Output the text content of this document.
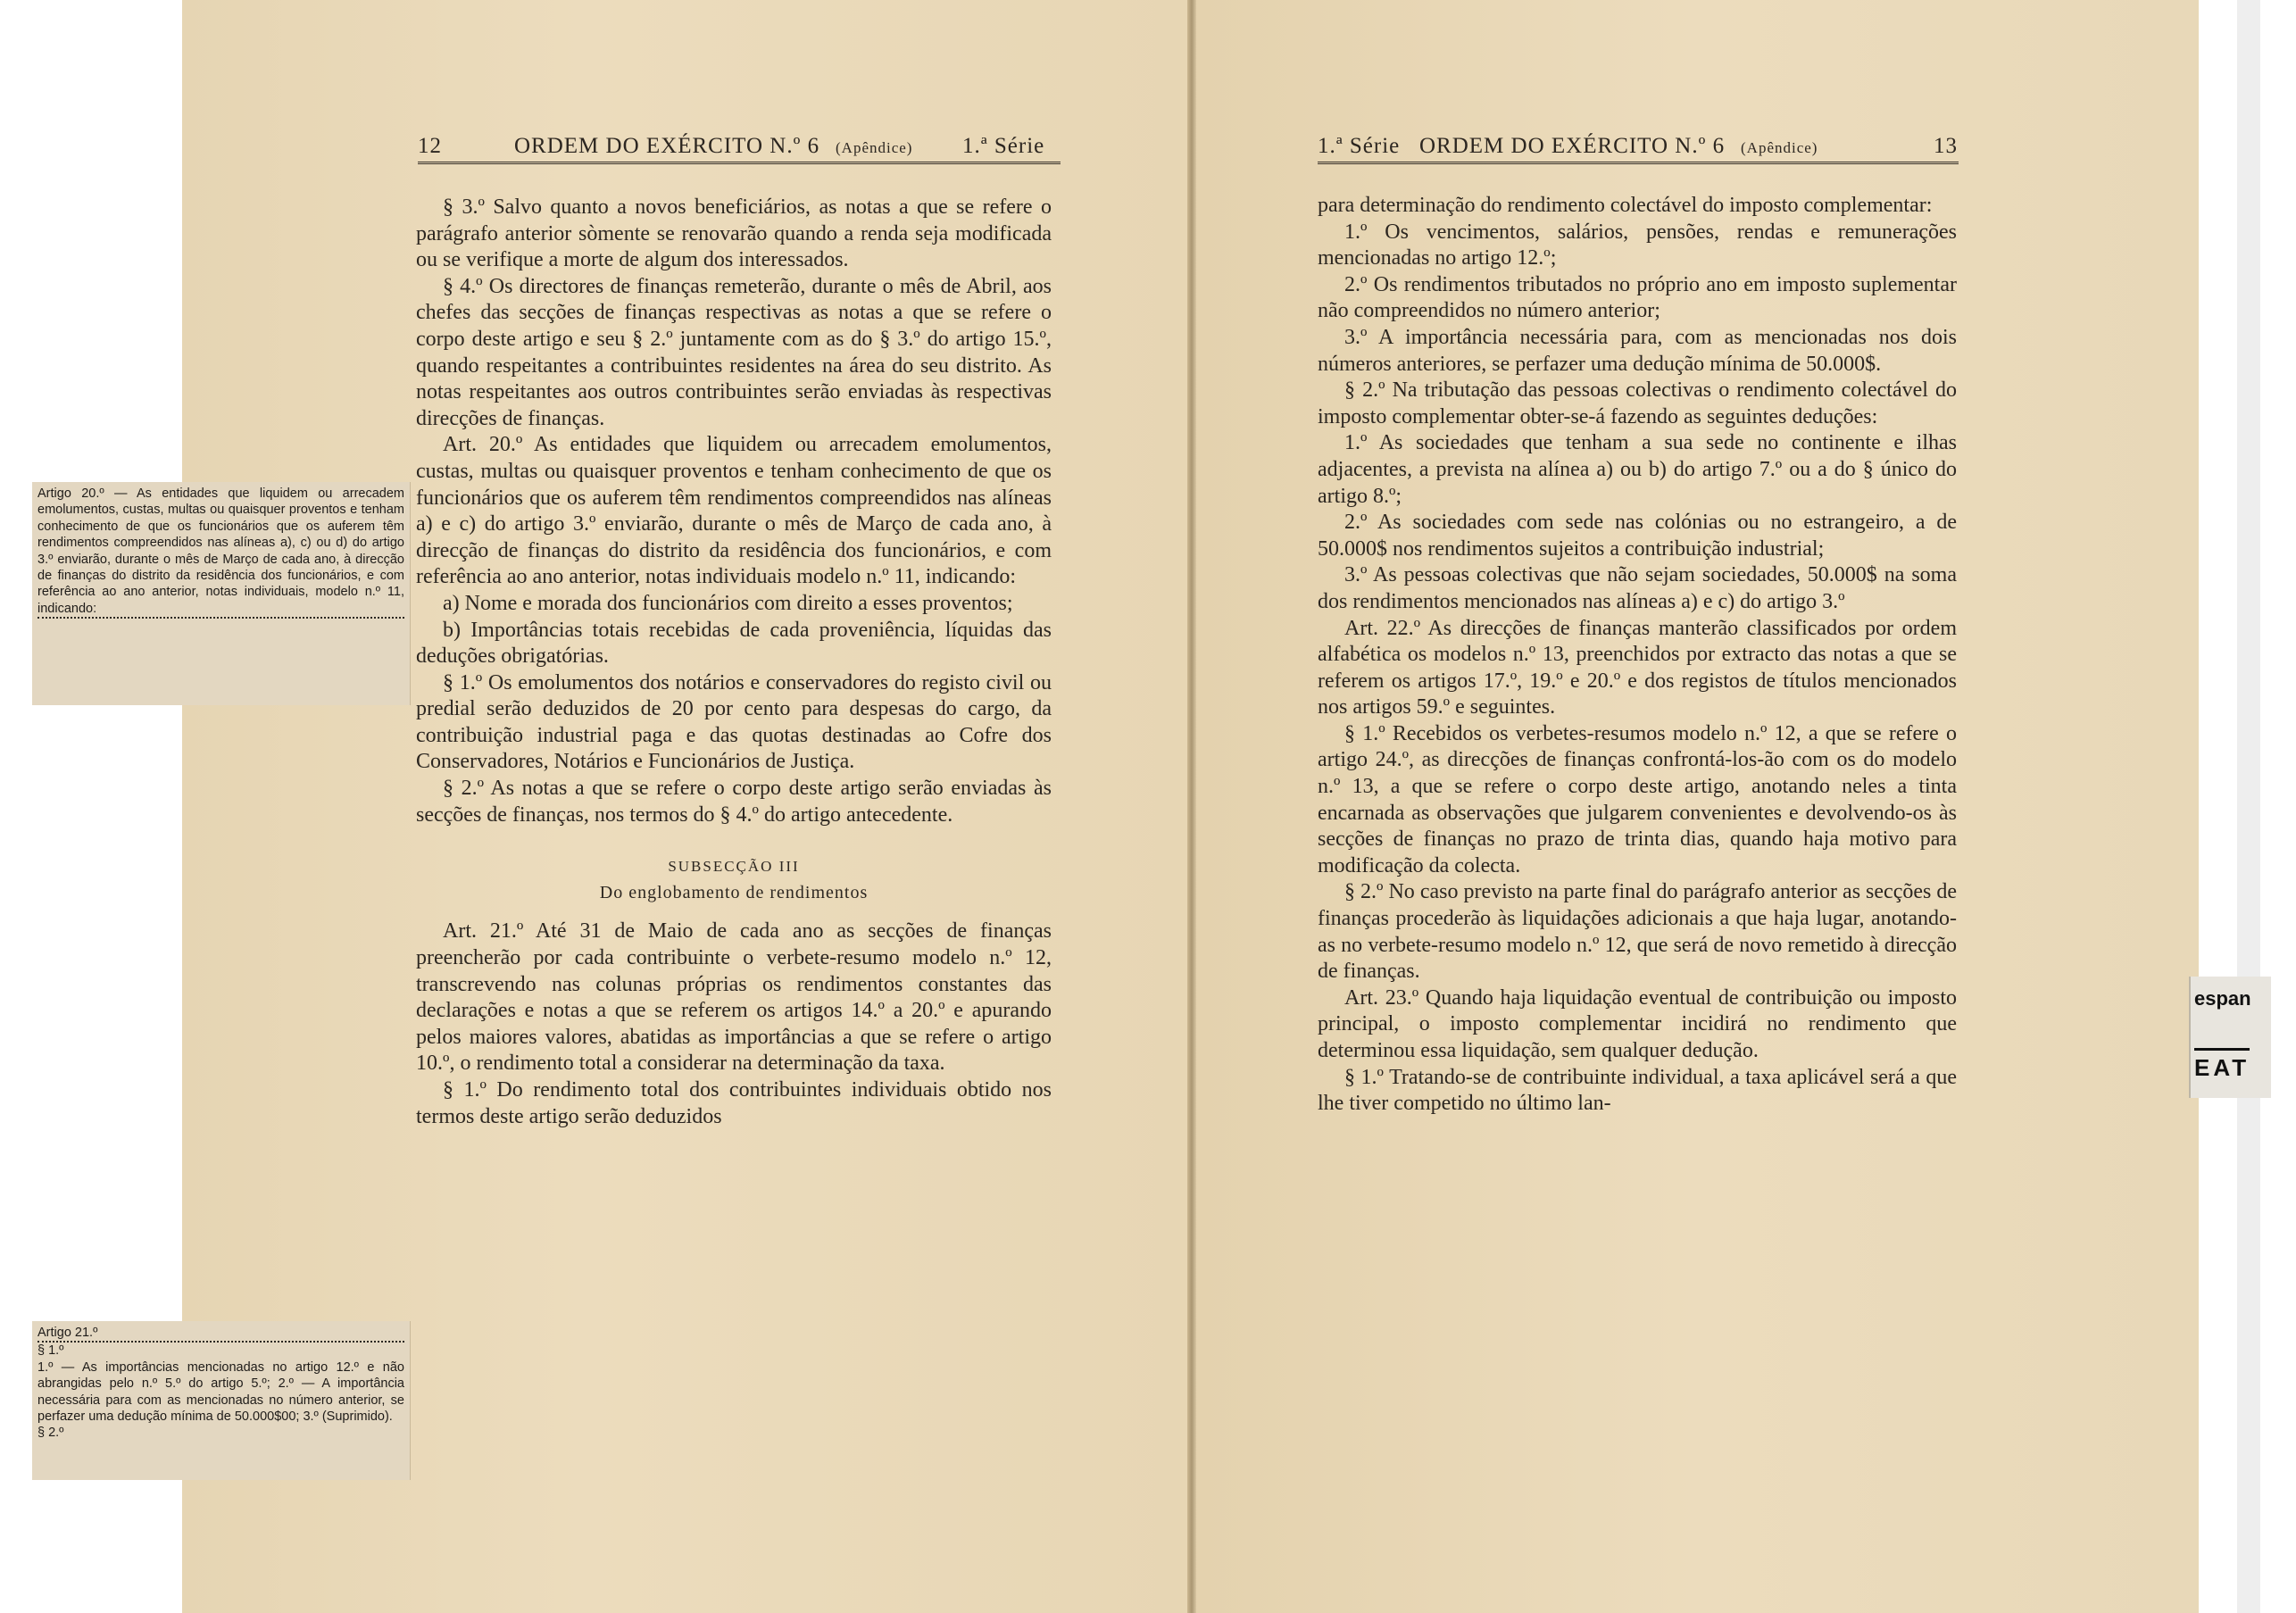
12	ORDEM DO EXÉRCITO N.º 6 (Apêndice) 1.ª Série

§ 3.º Salvo quanto a novos beneficiários, as notas a que se refere o parágrafo anterior sòmente se renovarão quando a renda seja modificada ou se verifique a morte de algum dos interessados.

§ 4.º Os directores de finanças remeterão, durante o mês de Abril, aos chefes das secções de finanças respectivas as notas a que se refere o corpo deste artigo e seu § 2.º juntamente com as do § 3.º do artigo 15.º, quando respeitantes a contribuintes residentes na área do seu distrito. As notas respeitantes aos outros contribuintes serão enviadas às respectivas direcções de finanças.

Art. 20.º As entidades que liquidem ou arrecadem emolumentos, custas, multas ou quaisquer proventos e tenham conhecimento de que os funcionários que os auferem têm rendimentos compreendidos nas alíneas a) e c) do artigo 3.º enviarão, durante o mês de Março de cada ano, à direcção de finanças do distrito da residência dos funcionários, e com referência ao ano anterior, notas individuais modelo n.º 11, indicando:

a) Nome e morada dos funcionários com direito a esses proventos;

b) Importâncias totais recebidas de cada proveniência, líquidas das deduções obrigatórias.

§ 1.º Os emolumentos dos notários e conservadores do registo civil ou predial serão deduzidos de 20 por cento para despesas do cargo, da contribuição industrial paga e das quotas destinadas ao Cofre dos Conservadores, Notários e Funcionários de Justiça.

§ 2.º As notas a que se refere o corpo deste artigo serão enviadas às secções de finanças, nos termos do § 4.º do artigo antecedente.

SUBSECÇÃO III

Do englobamento de rendimentos

Art. 21.º Até 31 de Maio de cada ano as secções de finanças preencherão por cada contribuinte o verbete-resumo modelo n.º 12, transcrevendo nas colunas próprias os rendimentos constantes das declarações e notas a que se referem os artigos 14.º a 20.º e apurando pelos maiores valores, abatidas as importâncias a que se refere o artigo 10.º, o rendimento total a considerar na determinação da taxa.

§ 1.º Do rendimento total dos contribuintes individuais obtido nos termos deste artigo serão deduzidos

Artigo 20.º — As entidades que liquidem ou arrecadem emolumentos, custas, multas ou quaisquer proventos e tenham conhecimento de que os funcionários que os auferem têm rendimentos compreendidos nas alíneas a), c) ou d) do artigo 3.º enviarão, durante o mês de Março de cada ano, à direcção de finanças do distrito da residência dos funcionários, e com referência ao ano anterior, notas individuais, modelo n.º 11, indicando:

Artigo 21.º

§ 1.º

1.º — As importâncias mencionadas no artigo 12.º e não abrangidas pelo n.º 5.º do artigo 5.º; 2.º — A importância necessária para com as mencionadas no número anterior, se perfazer uma dedução mínima de 50.000$00; 3.º (Suprimido).

§ 2.º

1.ª Série ORDEM DO EXÉRCITO N.º 6 (Apêndice)	13

para determinação do rendimento colectável do imposto complementar:

1.º Os vencimentos, salários, pensões, rendas e remunerações mencionadas no artigo 12.º;

2.º Os rendimentos tributados no próprio ano em imposto suplementar não compreendidos no número anterior;

3.º A importância necessária para, com as mencionadas nos dois números anteriores, se perfazer uma dedução mínima de 50.000$.

§ 2.º Na tributação das pessoas colectivas o rendimento colectável do imposto complementar obter-se-á fazendo as seguintes deduções:

1.º As sociedades que tenham a sua sede no continente e ilhas adjacentes, a prevista na alínea a) ou b) do artigo 7.º ou a do § único do artigo 8.º;

2.º As sociedades com sede nas colónias ou no estrangeiro, a de 50.000$ nos rendimentos sujeitos a contribuição industrial;

3.º As pessoas colectivas que não sejam sociedades, 50.000$ na soma dos rendimentos mencionados nas alíneas a) e c) do artigo 3.º

Art. 22.º As direcções de finanças manterão classificados por ordem alfabética os modelos n.º 13, preenchidos por extracto das notas a que se referem os artigos 17.º, 19.º e 20.º e dos registos de títulos mencionados nos artigos 59.º e seguintes.

§ 1.º Recebidos os verbetes-resumos modelo n.º 12, a que se refere o artigo 24.º, as direcções de finanças confrontá-los-ão com os do modelo n.º 13, a que se refere o corpo deste artigo, anotando neles a tinta encarnada as observações que julgarem convenientes e devolvendo-os às secções de finanças no prazo de trinta dias, quando haja motivo para modificação da colecta.

§ 2.º No caso previsto na parte final do parágrafo anterior as secções de finanças procederão às liquidações adicionais a que haja lugar, anotando-as no verbete-resumo modelo n.º 12, que será de novo remetido à direcção de finanças.

Art. 23.º Quando haja liquidação eventual de contribuição ou imposto principal, o imposto complementar incidirá no rendimento que determinou essa liquidação, sem qualquer dedução.

§ 1.º Tratando-se de contribuinte individual, a taxa aplicável será a que lhe tiver competido no último lan-

espan
EAT
